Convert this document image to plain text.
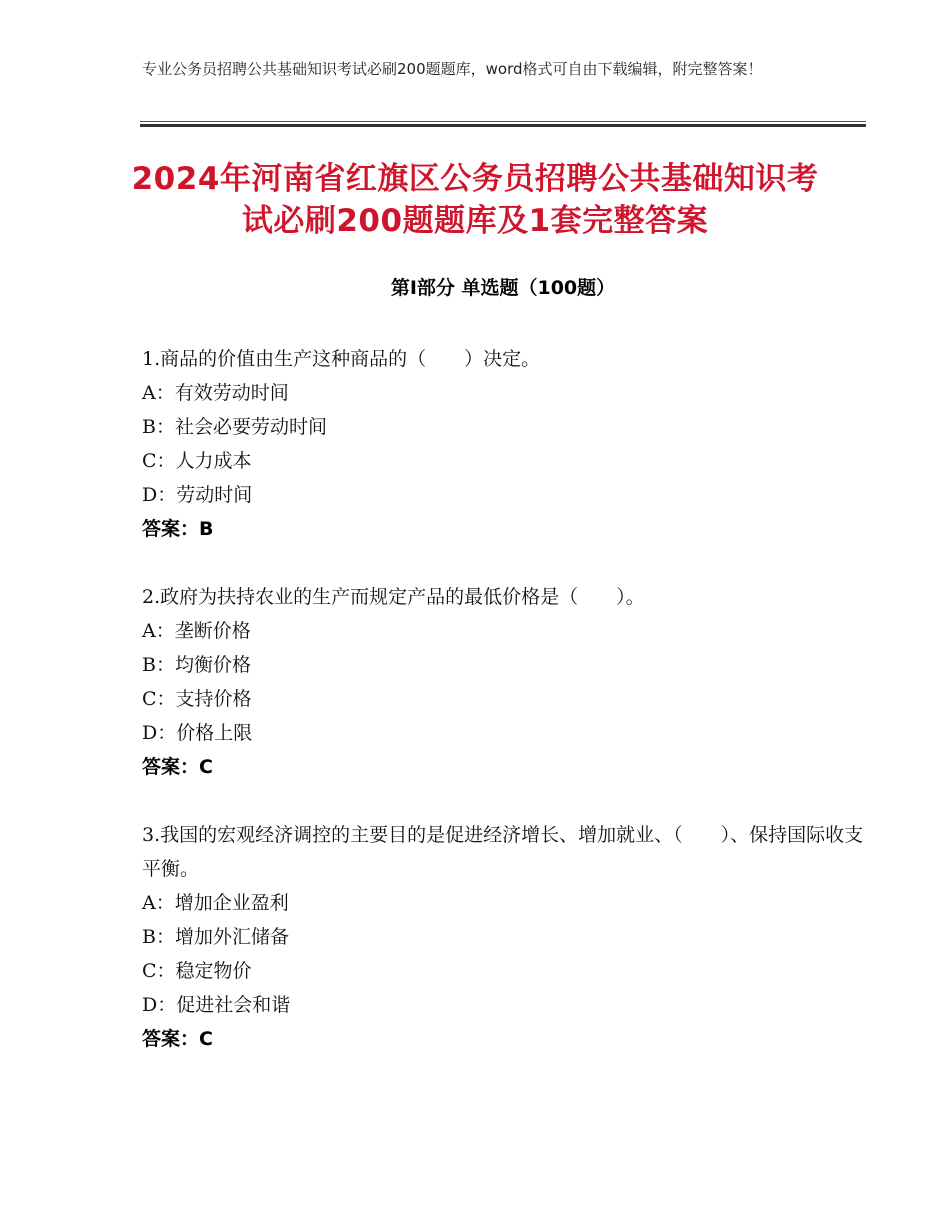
专业公务员招聘公共基础知识考试必刷200题题库，word格式可自由下载编辑，附完整答案！
2024年河南省红旗区公务员招聘公共基础知识考试必刷200题题库及1套完整答案
第Ⅰ部分 单选题（100题）
1.商品的价值由生产这种商品的（　　）决定。
A：有效劳动时间
B：社会必要劳动时间
C：人力成本
D：劳动时间
答案：B
2.政府为扶持农业的生产而规定产品的最低价格是（　　）。
A：垄断价格
B：均衡价格
C：支持价格
D：价格上限
答案：C
3.我国的宏观经济调控的主要目的是促进经济增长、增加就业、（　　）、保持国际收支平衡。
A：增加企业盈利
B：增加外汇储备
C：稳定物价
D：促进社会和谐
答案：C
